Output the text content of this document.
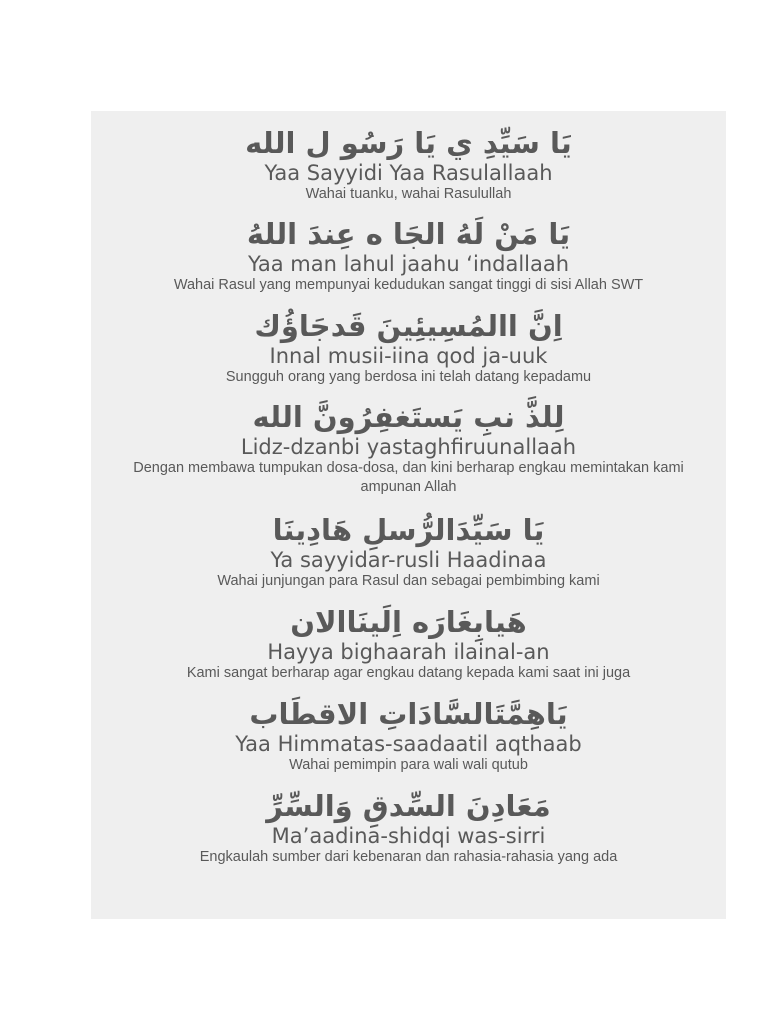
يَا سَيِّدِ ي يَا رَسُو ل الله
Yaa Sayyidi Yaa Rasulallaah
Wahai tuanku, wahai Rasulullah
يَا مَنْ لَهُ الجَا ه عِندَ اللهُ
Yaa man lahul jaahu ‘indallaah
Wahai Rasul yang mempunyai kedudukan sangat tinggi di sisi Allah SWT
اِنَّ االمُسِيئِينَ قَدجَاؤُك
Innal musii-iina qod ja-uuk
Sungguh orang yang berdosa ini telah datang kepadamu
لِلذَّ نبِ يَستَغفِرُونَّ الله
Lidz-dzanbi yastaghfiruunallaah
Dengan membawa tumpukan dosa-dosa, dan kini berharap engkau memintakan kami ampunan Allah
يَا سَيِّدَالرُّسلِ هَادِينَا
Ya sayyidar-rusli Haadinaa
Wahai junjungan para Rasul dan sebagai pembimbing kami
هَيابِغَارَه اِلَينَاالان
Hayya bighaarah ilainal-an
Kami sangat berharap agar engkau datang kepada kami saat ini juga
يَاهِمَّتَالسَّادَاتِ الاقطَاب
Yaa Himmatas-saadaatil aqthaab
Wahai pemimpin para wali wali qutub
مَعَادِنَ السِّدقِ وَالسِّرِّ
Ma’aadina-shidqi was-sirri
Engkaulah sumber dari kebenaran dan rahasia-rahasia yang ada
